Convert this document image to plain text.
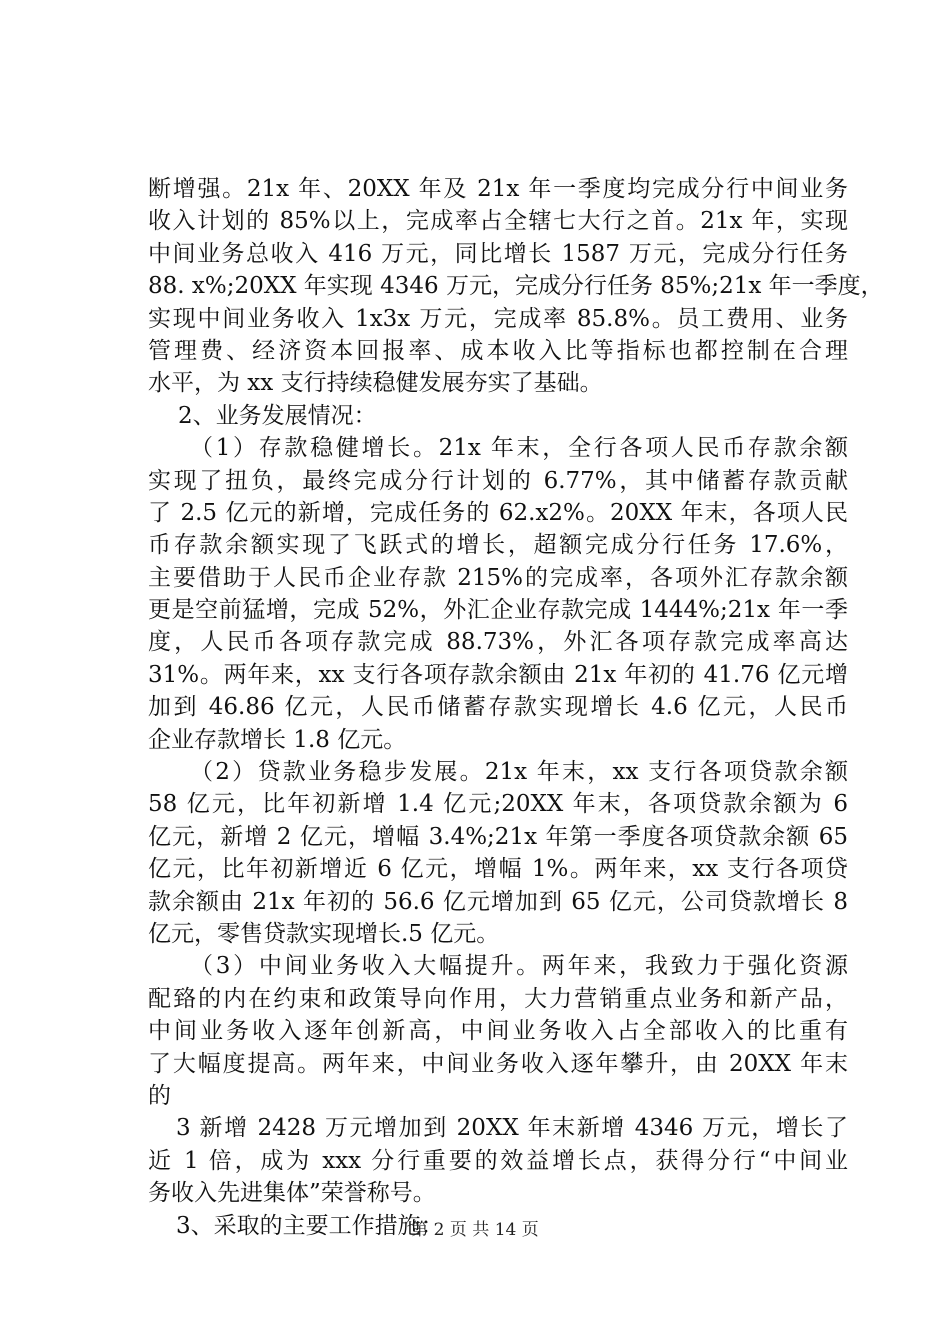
断增强。21x 年、20XX 年及 21x 年一季度均完成分行中间业务
收入计划的 85%以上，完成率占全辖七大行之首。21x 年，实现
中间业务总收入 416 万元，同比增长 1587 万元，完成分行任务
88. x%;20XX 年实现 4346 万元，完成分行任务 85%;21x 年一季度，
实现中间业务收入 1x3x 万元，完成率 85.8%。员工费用、业务
管理费、经济资本回报率、成本收入比等指标也都控制在合理
水平，为 xx 支行持续稳健发展夯实了基础。
2、业务发展情况：
（1）存款稳健增长。21x 年末，全行各项人民币存款余额
实现了扭负，最终完成分行计划的 6.77%，其中储蓄存款贡献
了 2.5 亿元的新增，完成任务的 62.x2%。20XX 年末，各项人民
币存款余额实现了飞跃式的增长，超额完成分行任务 17.6%，
主要借助于人民币企业存款 215%的完成率，各项外汇存款余额
更是空前猛增，完成 52%，外汇企业存款完成 1444%;21x 年一季
度，人民币各项存款完成 88.73%，外汇各项存款完成率高达
31%。两年来，xx 支行各项存款余额由 21x 年初的 41.76 亿元增
加到 46.86 亿元，人民币储蓄存款实现增长 4.6 亿元，人民币
企业存款增长 1.8 亿元。
（2）贷款业务稳步发展。21x 年末，xx 支行各项贷款余额
58 亿元，比年初新增 1.4 亿元;20XX 年末，各项贷款余额为 6
亿元，新增 2 亿元，增幅 3.4%;21x 年第一季度各项贷款余额 65
亿元，比年初新增近 6 亿元，增幅 1%。两年来，xx 支行各项贷
款余额由 21x 年初的 56.6 亿元增加到 65 亿元，公司贷款增长 8
亿元，零售贷款实现增长.5 亿元。
（3）中间业务收入大幅提升。两年来，我致力于强化资源
配臵的内在约束和政策导向作用，大力营销重点业务和新产品，
中间业务收入逐年创新高，中间业务收入占全部收入的比重有
了大幅度提高。两年来，中间业务收入逐年攀升，由 20XX 年末
的
3 新增 2428 万元增加到 20XX 年末新增 4346 万元，增长了
近 1 倍，成为 xxx 分行重要的效益增长点，获得分行“中间业
务收入先进集体”荣誉称号。
3、采取的主要工作措施：
第 2 页 共 14 页
